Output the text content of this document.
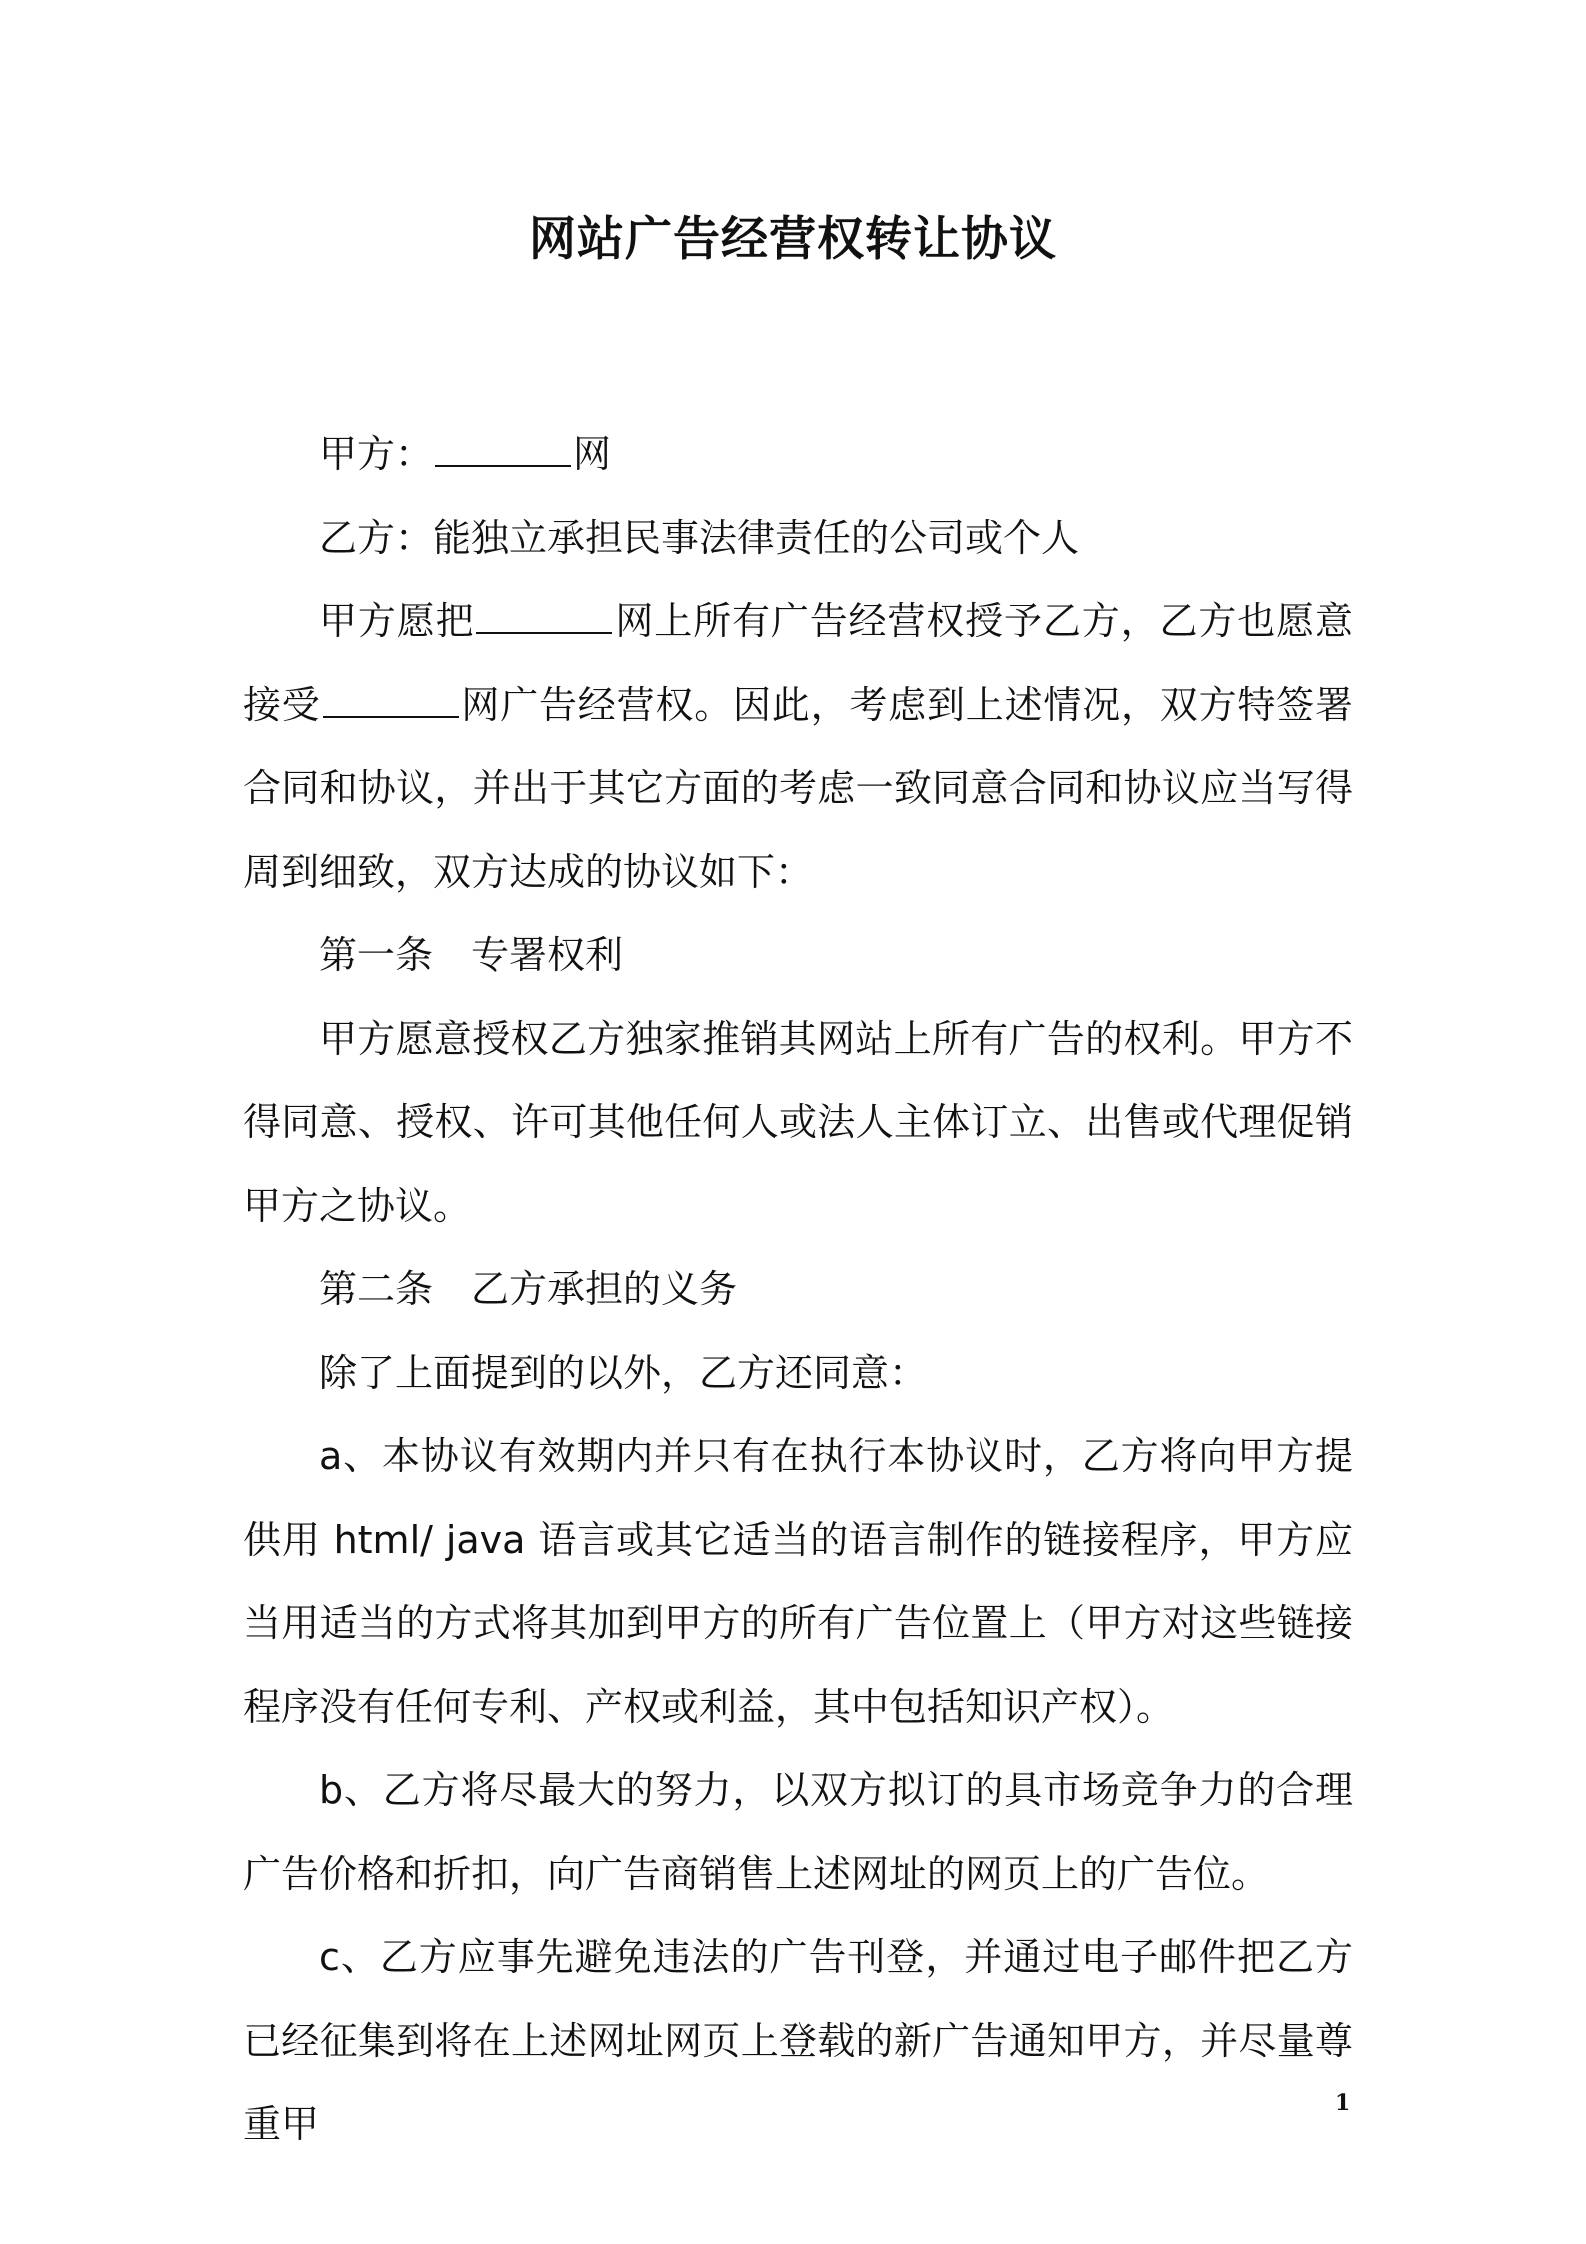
网站广告经营权转让协议

甲方：	网

乙方：能独立承担民事法律责任的公司或个人

甲方愿把	网上所有广告经营权授予乙方，乙方也愿意接受	网广告经营权。因此，考虑到上述情况，双方特签署合同和协议，并出于其它方面的考虑一致同意合同和协议应当写得周到细致，双方达成的协议如下：

第一条 专署权利

甲方愿意授权乙方独家推销其网站上所有广告的权利。甲方不得同意、授权、许可其他任何人或法人主体订立、出售或代理促销甲方之协议。

第二条 乙方承担的义务

除了上面提到的以外，乙方还同意：

a、本协议有效期内并只有在执行本协议时，乙方将向甲方提供用 html/ java 语言或其它适当的语言制作的链接程序，甲方应当用适当的方式将其加到甲方的所有广告位置上（甲方对这些链接程序没有任何专利、产权或利益，其中包括知识产权）。

b、乙方将尽最大的努力，以双方拟订的具市场竞争力的合理广告价格和折扣，向广告商销售上述网址的网页上的广告位。

c、乙方应事先避免违法的广告刊登，并通过电子邮件把乙方已经征集到将在上述网址网页上登载的新广告通知甲方，并尽量尊重甲	1
